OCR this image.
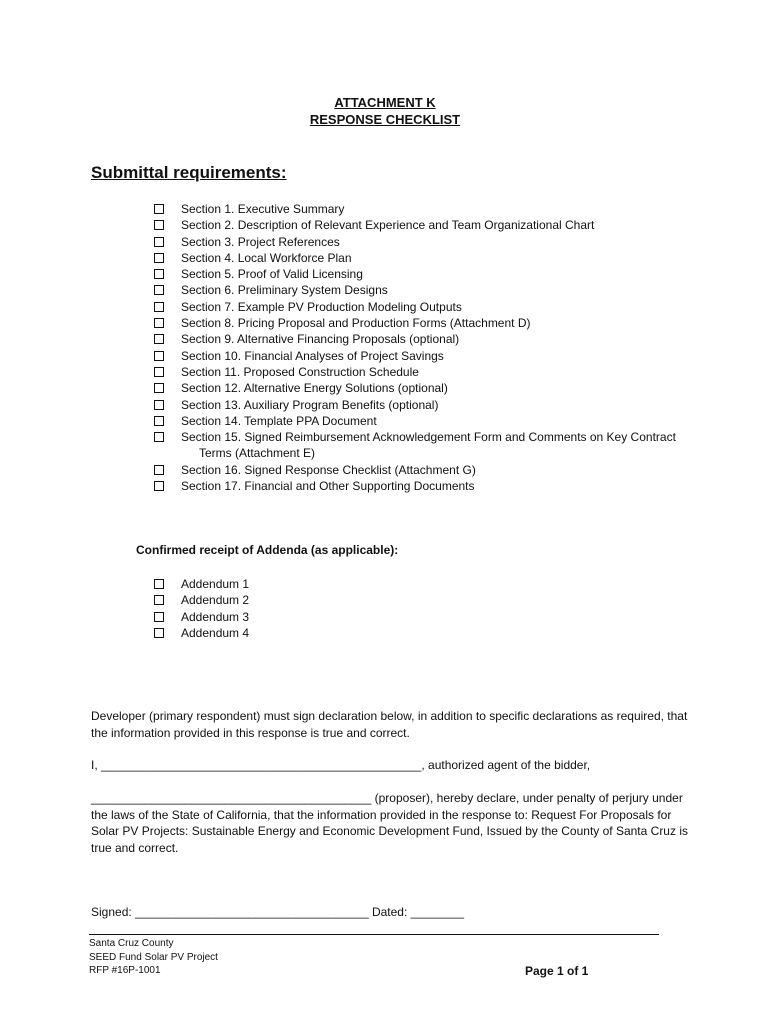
ATTACHMENT K
RESPONSE CHECKLIST
Submittal requirements:
Section 1. Executive Summary
Section 2. Description of Relevant Experience and Team Organizational Chart
Section 3. Project References
Section 4. Local Workforce Plan
Section 5. Proof of Valid Licensing
Section 6. Preliminary System Designs
Section 7. Example PV Production Modeling Outputs
Section 8. Pricing Proposal and Production Forms (Attachment D)
Section 9. Alternative Financing Proposals (optional)
Section 10. Financial Analyses of Project Savings
Section 11. Proposed Construction Schedule
Section 12. Alternative Energy Solutions (optional)
Section 13. Auxiliary Program Benefits (optional)
Section 14. Template PPA Document
Section 15. Signed Reimbursement Acknowledgement Form and Comments on Key Contract
Terms (Attachment E)
Section 16. Signed Response Checklist (Attachment G)
Section 17. Financial and Other Supporting Documents
Confirmed receipt of Addenda (as applicable):
Addendum 1
Addendum 2
Addendum 3
Addendum 4
Developer (primary respondent) must sign declaration below, in addition to specific declarations as required, that the information provided in this response is true and correct.
I, ________________________________________________, authorized agent of the bidder,
__________________________________________ (proposer), hereby declare, under penalty of perjury under the laws of the State of California, that the information provided in the response to: Request For Proposals for Solar PV Projects: Sustainable Energy and Economic Development Fund, Issued by the County of Santa Cruz is true and correct.
Signed: ___________________________________ Dated: ________
Santa Cruz County
SEED Fund Solar PV Project
RFP #16P-1001	Page 1 of 1
